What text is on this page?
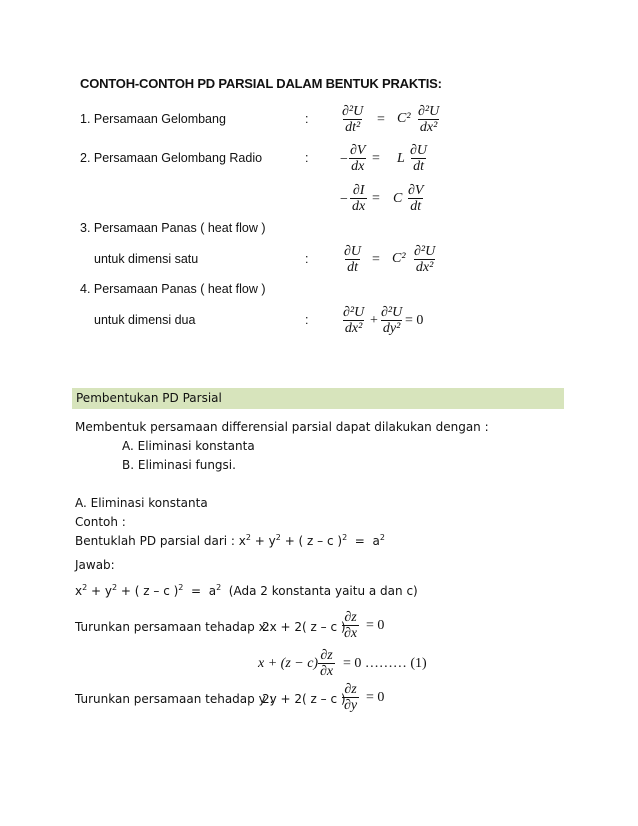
CONTOH-CONTOH PD PARSIAL DALAM BENTUK PRAKTIS:
1. Persamaan Gelombang	: $\frac{\text{∂²U}}{\text{dt²}} = C^2 \frac{\text{∂²U}}{\text{dx²}}$
2. Persamaan Gelombang Radio	: − $\frac{\partial V}{dx} = L \frac{\partial U}{dt}$
− $\frac{\partial I}{dx} = C \frac{\partial V}{dt}$
3. Persamaan Panas ( heat flow )
untuk dimensi satu	: $\frac{\partial U}{dt} = C^2 \frac{\text{∂²U}}{\text{dx²}}$
4. Persamaan Panas ( heat flow )
untuk dimensi dua	: $\frac{\text{∂²U}}{\text{dx²}} + \frac{\text{∂²U}}{\text{dy²}} = 0$
Pembentukan PD Parsial
Membentuk persamaan differensial parsial dapat dilakukan dengan :
A. Eliminasi konstanta
B. Eliminasi fungsi.
A. Eliminasi konstanta
Contoh :
Bentuklah PD parsial dari : $x^2 + y^2$ + ( z – c )$^2 = a^2$
Jawab:
$x^2 + y^2$ + ( z – c )$^2 = a^2$ (Ada 2 konstanta yaitu a dan c)
Turunkan persamaan tehadap x:
2x + 2( z – c )
$\frac{\partial z}{\partial x} = 0$
$x + (z - c) \frac{\partial z}{\partial x} = 0$ ……… (1)
Turunkan persamaan tehadap y :
2y + 2( z – c )
$\frac{\partial z}{\partial y} = 0$
